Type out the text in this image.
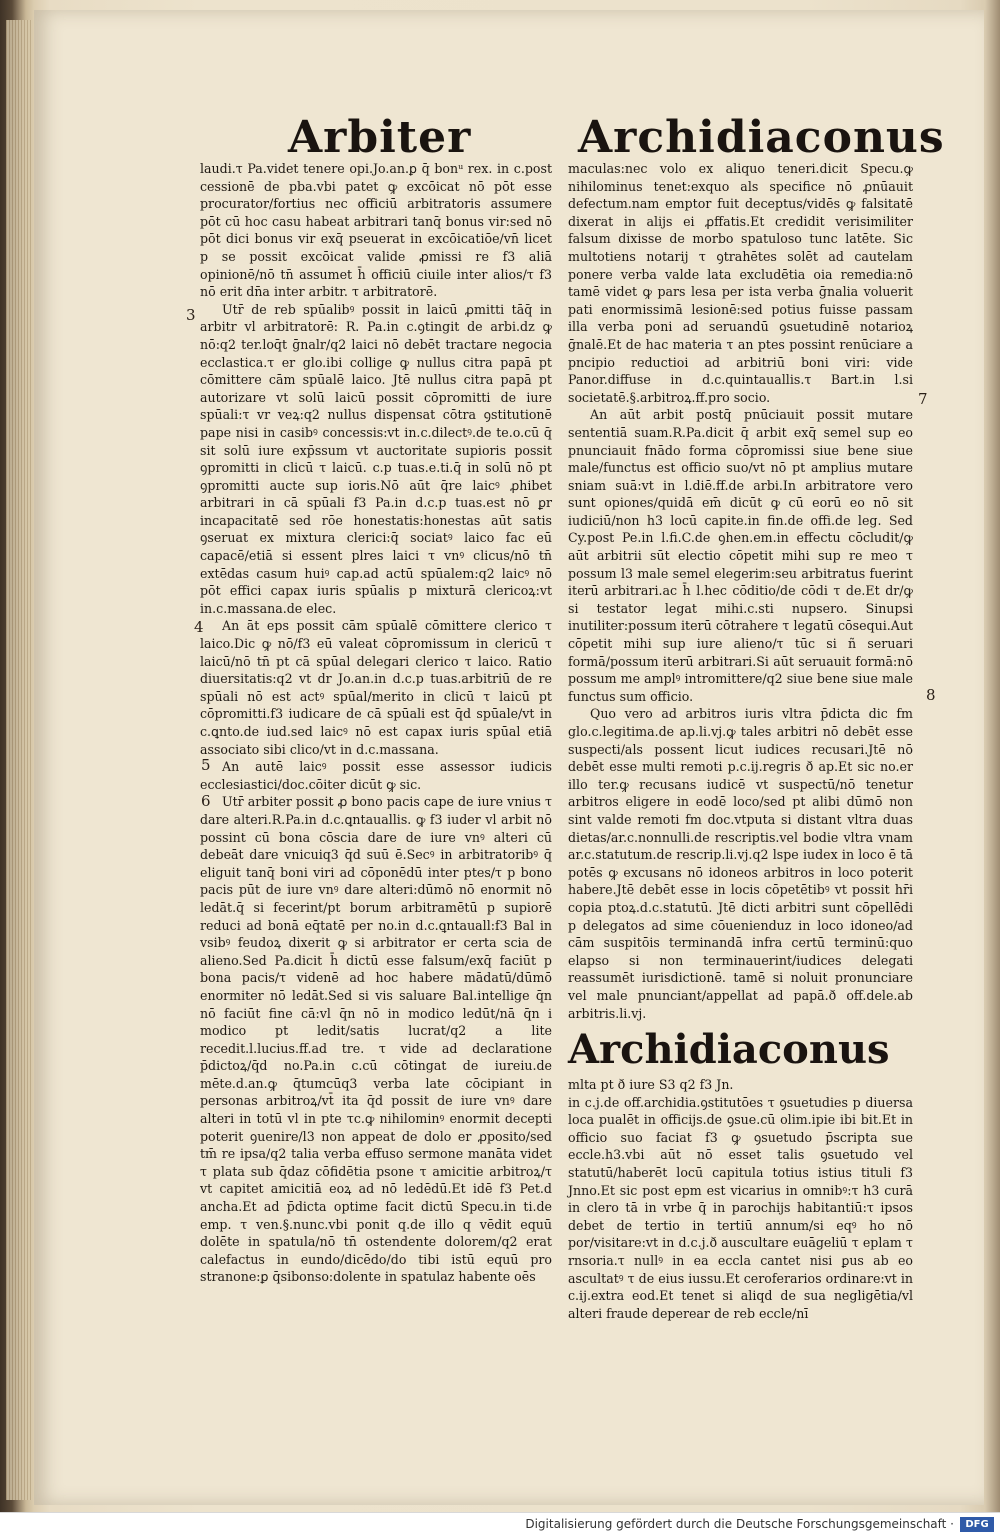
Arbiter Archidiaconus
3
4
5
6
7
8

laudi.τ Pa.videt tenere opi.Jo.an.ꝑ q̄ bonᵘ rex. in c.post cessionē de pba.vbi patet ꝙ excōicat nō pōt esse procurator/fortius nec officiū arbitratoris assumere pōt cū hoc casu habeat arbitrari tanq̄ bonus vir:sed nō pōt dici bonus vir exq̄ pseuerat in excōicatiōe/vn̄ licet p se possit excōicat valide ꝓmissi re f3 aliā opinionē/nō tn̄ assumet h̄ officiū ciuile inter alios/τ f3 nō erit dn̄a inter arbitr. τ arbitratorē.

Utr̄ de reb spūalibꝰ possit in laicū ꝓmitti tāq̄ in arbitr vl arbitratorē: R. Pa.in c.ꝯtingit de arbi.dz ꝙ nō:q2 ter.loq̄t ḡnalr/q2 laici nō debēt tractare negocia ecclastica.τ er glo.ibi collige ꝙ nullus citra papā pt cōmittere cām spūalē laico. Jtē nullus citra papā pt autorizare vt solū laicū possit cōpromitti de iure spūali:τ vr veꝝ:q2 nullus dispensat cōtra ꝯstitutionē pape nisi in casibꝰ concessis:vt in.c.dilectꝰ.de te.o.cū q̄ sit solū iure exp̄ssum vt auctoritate supioris possit ꝯpromitti in clicū τ laicū. c.p tuas.e.ti.q̄ in solū nō pt ꝯpromitti aucte sup ioris.Nō aūt q̄re laicꝰ ꝓhibet arbitrari in cā spūali f3 Pa.in d.c.p tuas.est nō ꝑr incapacitatē sed rōe honestatis:honestas aūt satis ꝯseruat ex mixtura clerici:q̄ sociatꝰ laico fac eū capacē/etiā si essent plres laici τ vnꝰ clicus/nō tn̄ extēdas casum huiꝰ cap.ad actū spūalem:q2 laicꝰ nō pōt effici capax iuris spūalis p mixturā clericoꝝ:vt in.c.massana.de elec.

An āt eps possit cām spūalē cōmittere clerico τ laico.Dic ꝙ nō/f3 eū valeat cōpromissum in clericū τ laicū/nō tn̄ pt cā spūal delegari clerico τ laico. Ratio diuersitatis:q2 vt dr Jo.an.in d.c.p tuas.arbitriū de re spūali nō est actꝰ spūal/merito in clicū τ laicū pt cōpromitti.f3 iudicare de cā spūali est q̄d spūale/vt in c.ꝗnto.de iud.sed laicꝰ nō est capax iuris spūal etiā associato sibi clico/vt in d.c.massana.

An autē laicꝰ possit esse assessor iudicis ecclesiastici/doc.cōiter dicūt ꝙ sic.

Utr̄ arbiter possit ꝓ bono pacis cape de iure vnius τ dare alteri.R.Pa.in d.c.ꝗntauallis. ꝙ f3 iuder vl arbit nō possint cū bona cōscia dare de iure vnꝰ alteri cū debeāt dare vnicuiq3 q̄d suū ē.Secꝰ in arbitratoribꝰ q̄ eliguit tanq̄ boni viri ad cōponēdū inter ptes/τ p bono pacis pūt de iure vnꝰ dare alteri:dūmō nō enormit nō ledāt.q̄ si fecerint/pt borum arbitramētū p supiorē reduci ad bonā eq̄tatē per no.in d.c.ꝗntauall:f3 Bal in vsibꝰ feudoꝝ dixerit ꝙ si arbitrator er certa scia de alieno.Sed Pa.dicit h̄ dictū esse falsum/exq̄ faciūt p bona pacis/τ videnē ad hoc habere mādatū/dūmō enormiter nō ledāt.Sed si vis saluare Bal.intellige q̄n nō faciūt fine cā:vl q̄n nō in modico ledūt/nā q̄n i modico pt ledit/satis lucrat/q2 a lite recedit.l.lucius.ff.ad tre. τ vide ad declaratione p̄dictoꝝ/q̄d no.Pa.in c.cū cōtingat de iureiu.de mēte.d.an.ꝙ q̄tumcūq3 verba late cōcipiant in personas arbitroꝝ/vt̄ ita q̄d possit de iure vnꝰ dare alteri in totū vl in pte τc.ꝙ nihilominꝰ enormit decepti poterit ꝯuenire/l3 non appeat de dolo er ꝓposito/sed tm̄ re ipsa/q2 talia verba effuso sermone manāta videt τ plata sub q̄daz cōfidētia psone τ amicitie arbitroꝝ/τ vt capitet amicitiā eoꝝ ad nō ledēdū.Et idē f3 Pet.d ancha.Et ad p̄dicta optime facit dictū Specu.in ti.de emp. τ ven.§.nunc.vbi ponit q.de illo q vēdit equū dolēte in spatula/nō tn̄ ostendente dolorem/q2 erat calefactus in eundo/dicēdo/do tibi istū equū pro stranone:ꝑ q̄sibonso:dolente in spatulaz habente oēs

maculas:nec volo ex aliquo teneri.dicit Specu.ꝙ nihilominus tenet:exquo als specifice nō ꝓnūauit defectum.nam emptor fuit deceptus/vidēs ꝙ falsitatē dixerat in alijs ei ꝓffatis.Et credidit verisimiliter falsum dixisse de morbo spatuloso tunc latēte. Sic multotiens notarij τ ꝯtrahētes solēt ad cautelam ponere verba valde lata excludētia oia remedia:nō tamē videt ꝙ pars lesa per ista verba ḡnalia voluerit pati enormissimā lesionē:sed potius fuisse passam illa verba poni ad seruandū ꝯsuetudinē notarioꝝ ḡnalē.Et de hac materia τ an ptes possint renūciare a pncipio reductioi ad arbitriū boni viri: vide Panor.diffuse in d.c.quintauallis.τ Bart.in l.si societatē.§.arbitroꝝ.ff.pro socio.

An aūt arbit postq̄ pnūciauit possit mutare sententiā suam.R.Pa.dicit q̄ arbit exq̄ semel sup eo pnunciauit fnādo forma cōpromissi siue bene siue male/functus est officio suo/vt nō pt amplius mutare sniam suā:vt in l.diē.ff.de arbi.In arbitratore vero sunt opiones/quidā em̄ dicūt ꝙ cū eorū eo nō sit iudiciū/non h3 locū capite.in fin.de offi.de leg. Sed Cy.post Pe.in l.fi.C.de ꝯhen.em.in effectu cōcludit/ꝙ aūt arbitrii sūt electio cōpetit mihi sup re meo τ possum l3 male semel elegerim:seu arbitratus fuerint iterū arbitrari.ac h̄ l.hec cōditio/de cōdi τ de.Et dr/ꝙ si testator legat mihi.c.sti nupsero. Sinupsi inutiliter:possum iterū cōtrahere τ legatū cōsequi.Aut cōpetit mihi sup iure alieno/τ tūc si ñ seruari formā/possum iterū arbitrari.Si aūt seruauit formā:nō possum me amplꝰ intromittere/q2 siue bene siue male functus sum officio.

Quo vero ad arbitros iuris vltra p̄dicta dic fm glo.c.legitima.de ap.li.vj.ꝙ tales arbitri nō debēt esse suspecti/als possent licut iudices recusari.Jtē nō debēt esse multi remoti p.c.ij.regris ð ap.Et sic no.er illo ter.ꝙ recusans iudicē vt suspectū/nō tenetur arbitros eligere in eodē loco/sed pt alibi dūmō non sint valde remoti fm doc.vtputa si distant vltra duas dietas/ar.c.nonnulli.de rescriptis.vel bodie vltra vnam ar.c.statutum.de rescrip.li.vj.q2 lspe iudex in loco ē tā potēs ꝙ excusans nō idoneos arbitros in loco poterit habere.Jtē debēt esse in locis cōpetētibꝰ vt possit hr̄i copia ptoꝝ.d.c.statutū. Jtē dicti arbitri sunt cōpellēdi p delegatos ad sime cōuenienduz in loco idoneo/ad cām suspitōis terminandā infra certū terminū:quo elapso si non terminauerint/iudices delegati reassumēt iurisdictionē. tamē si noluit pronunciare vel male pnunciant/appellat ad papā.ð off.dele.ab arbitris.li.vj.

Archidiaconus

mlta pt ð iure S3 q2 f3 Jn.

in c.j.de off.archidia.ꝯstitutōes τ ꝯsuetudies p diuersa loca pualēt in officijs.de ꝯsue.cū olim.ipie ibi bit.Et in officio suo faciat f3 ꝙ ꝯsuetudo p̄scripta sue eccle.h3.vbi aūt nō esset talis ꝯsuetudo vel statutū/haberēt locū capitula totius istius tituli f3 Jnno.Et sic post epm est vicarius in omnibꝰ:τ h3 curā in clero tā in vrbe q̄ in parochijs habitantiū:τ ipsos debet de tertio in tertiū annum/si eqꝰ ho nō por/visitare:vt in d.c.j.ð auscultare euāgeliū τ eplam τ rnsoria.τ nullꝰ in ea eccla cantet nisi ꝑus ab eo ascultatꝰ τ de eius iussu.Et ceroferarios ordinare:vt in c.ij.extra eod.Et tenet si aliqd de sua negligētia/vl alteri fraude deperear de reb eccle/nī

Digitalisierung gefördert durch die Deutsche Forschungsgemeinschaft ·	DFG
